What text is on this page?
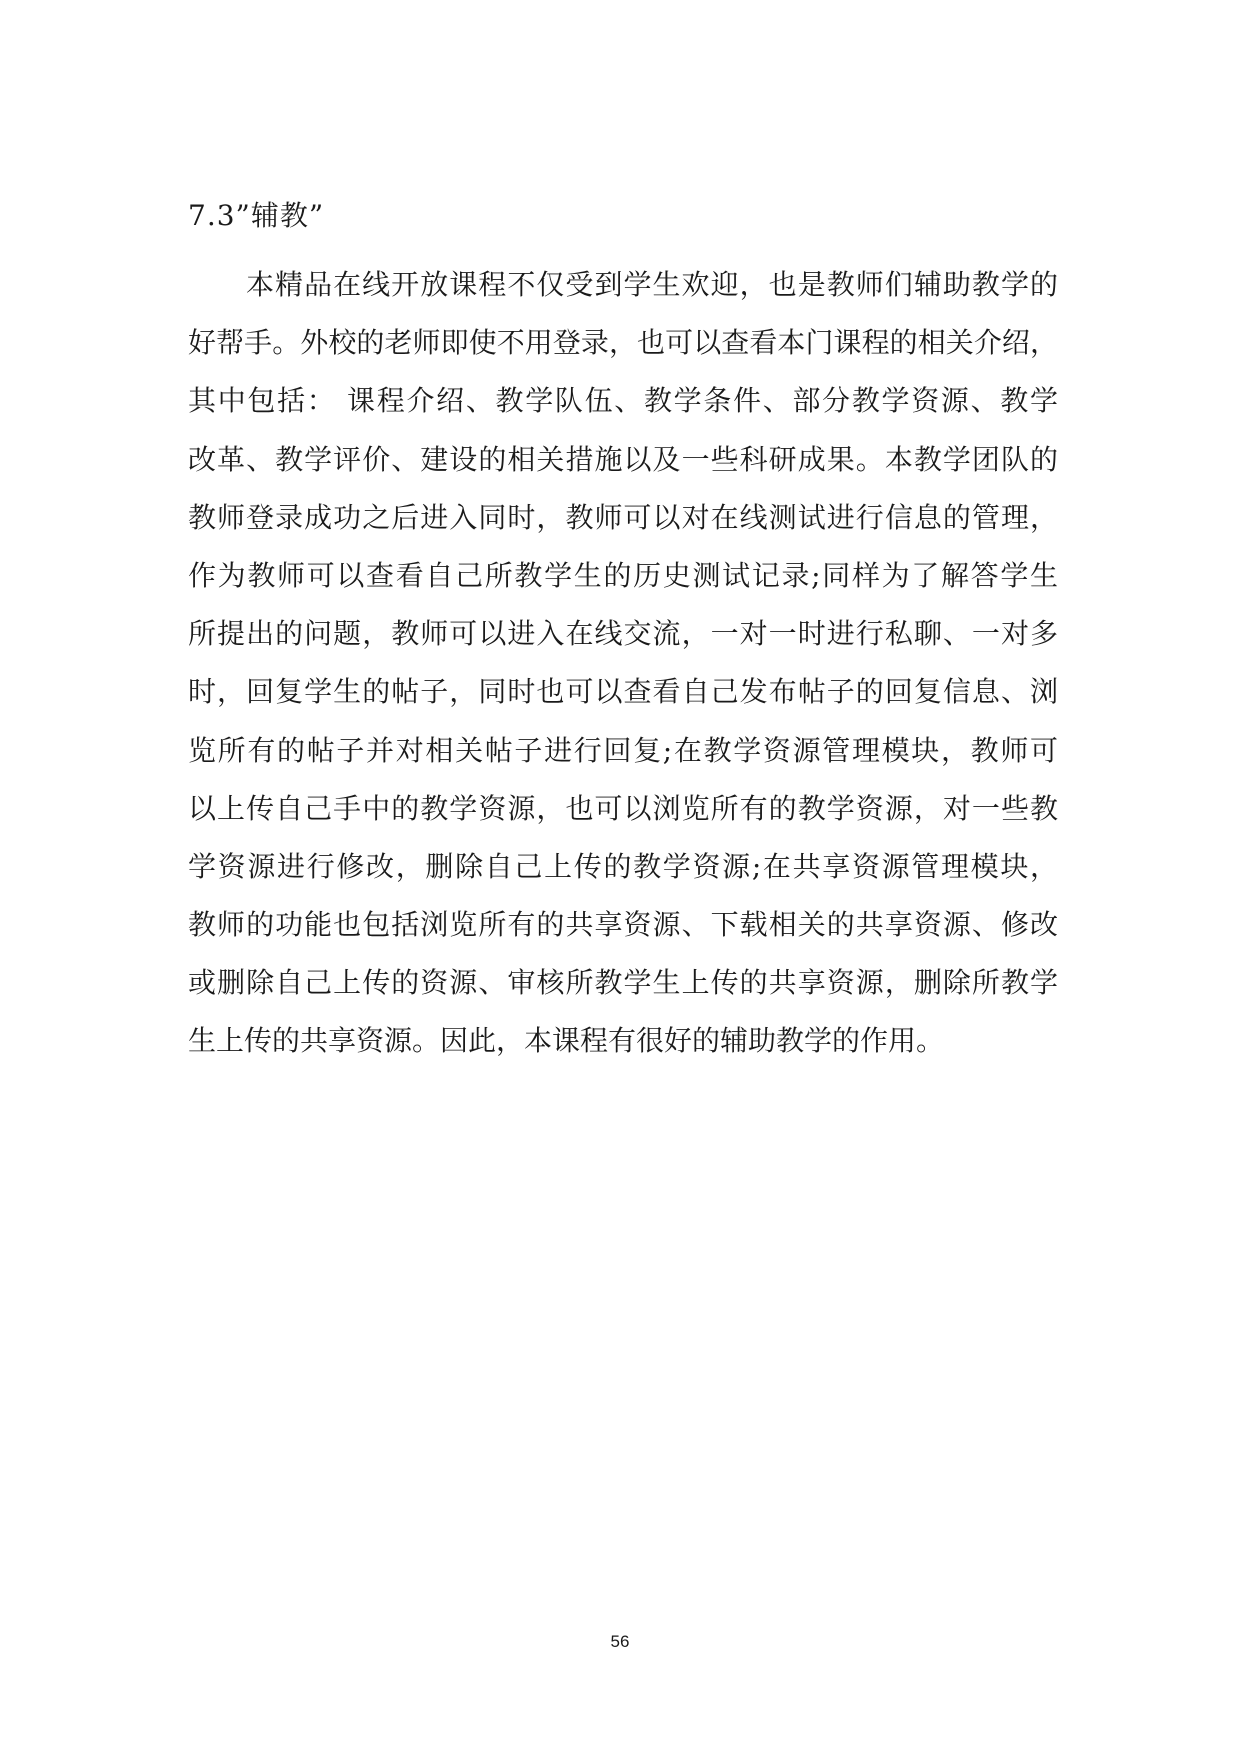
7.3”辅教”
本精品在线开放课程不仅受到学生欢迎，也是教师们辅助教学的
好帮手。外校的老师即使不用登录，也可以查看本门课程的相关介绍，
其中包括： 课程介绍、教学队伍、教学条件、部分教学资源、教学
改革、教学评价、建设的相关措施以及一些科研成果。本教学团队的
教师登录成功之后进入同时，教师可以对在线测试进行信息的管理，
作为教师可以查看自己所教学生的历史测试记录;同样为了解答学生
所提出的问题，教师可以进入在线交流，一对一时进行私聊、一对多
时，回复学生的帖子，同时也可以查看自己发布帖子的回复信息、浏
览所有的帖子并对相关帖子进行回复;在教学资源管理模块，教师可
以上传自己手中的教学资源，也可以浏览所有的教学资源，对一些教
学资源进行修改，删除自己上传的教学资源;在共享资源管理模块，
教师的功能也包括浏览所有的共享资源、下载相关的共享资源、修改
或删除自己上传的资源、审核所教学生上传的共享资源，删除所教学
生上传的共享资源。因此，本课程有很好的辅助教学的作用。

56
